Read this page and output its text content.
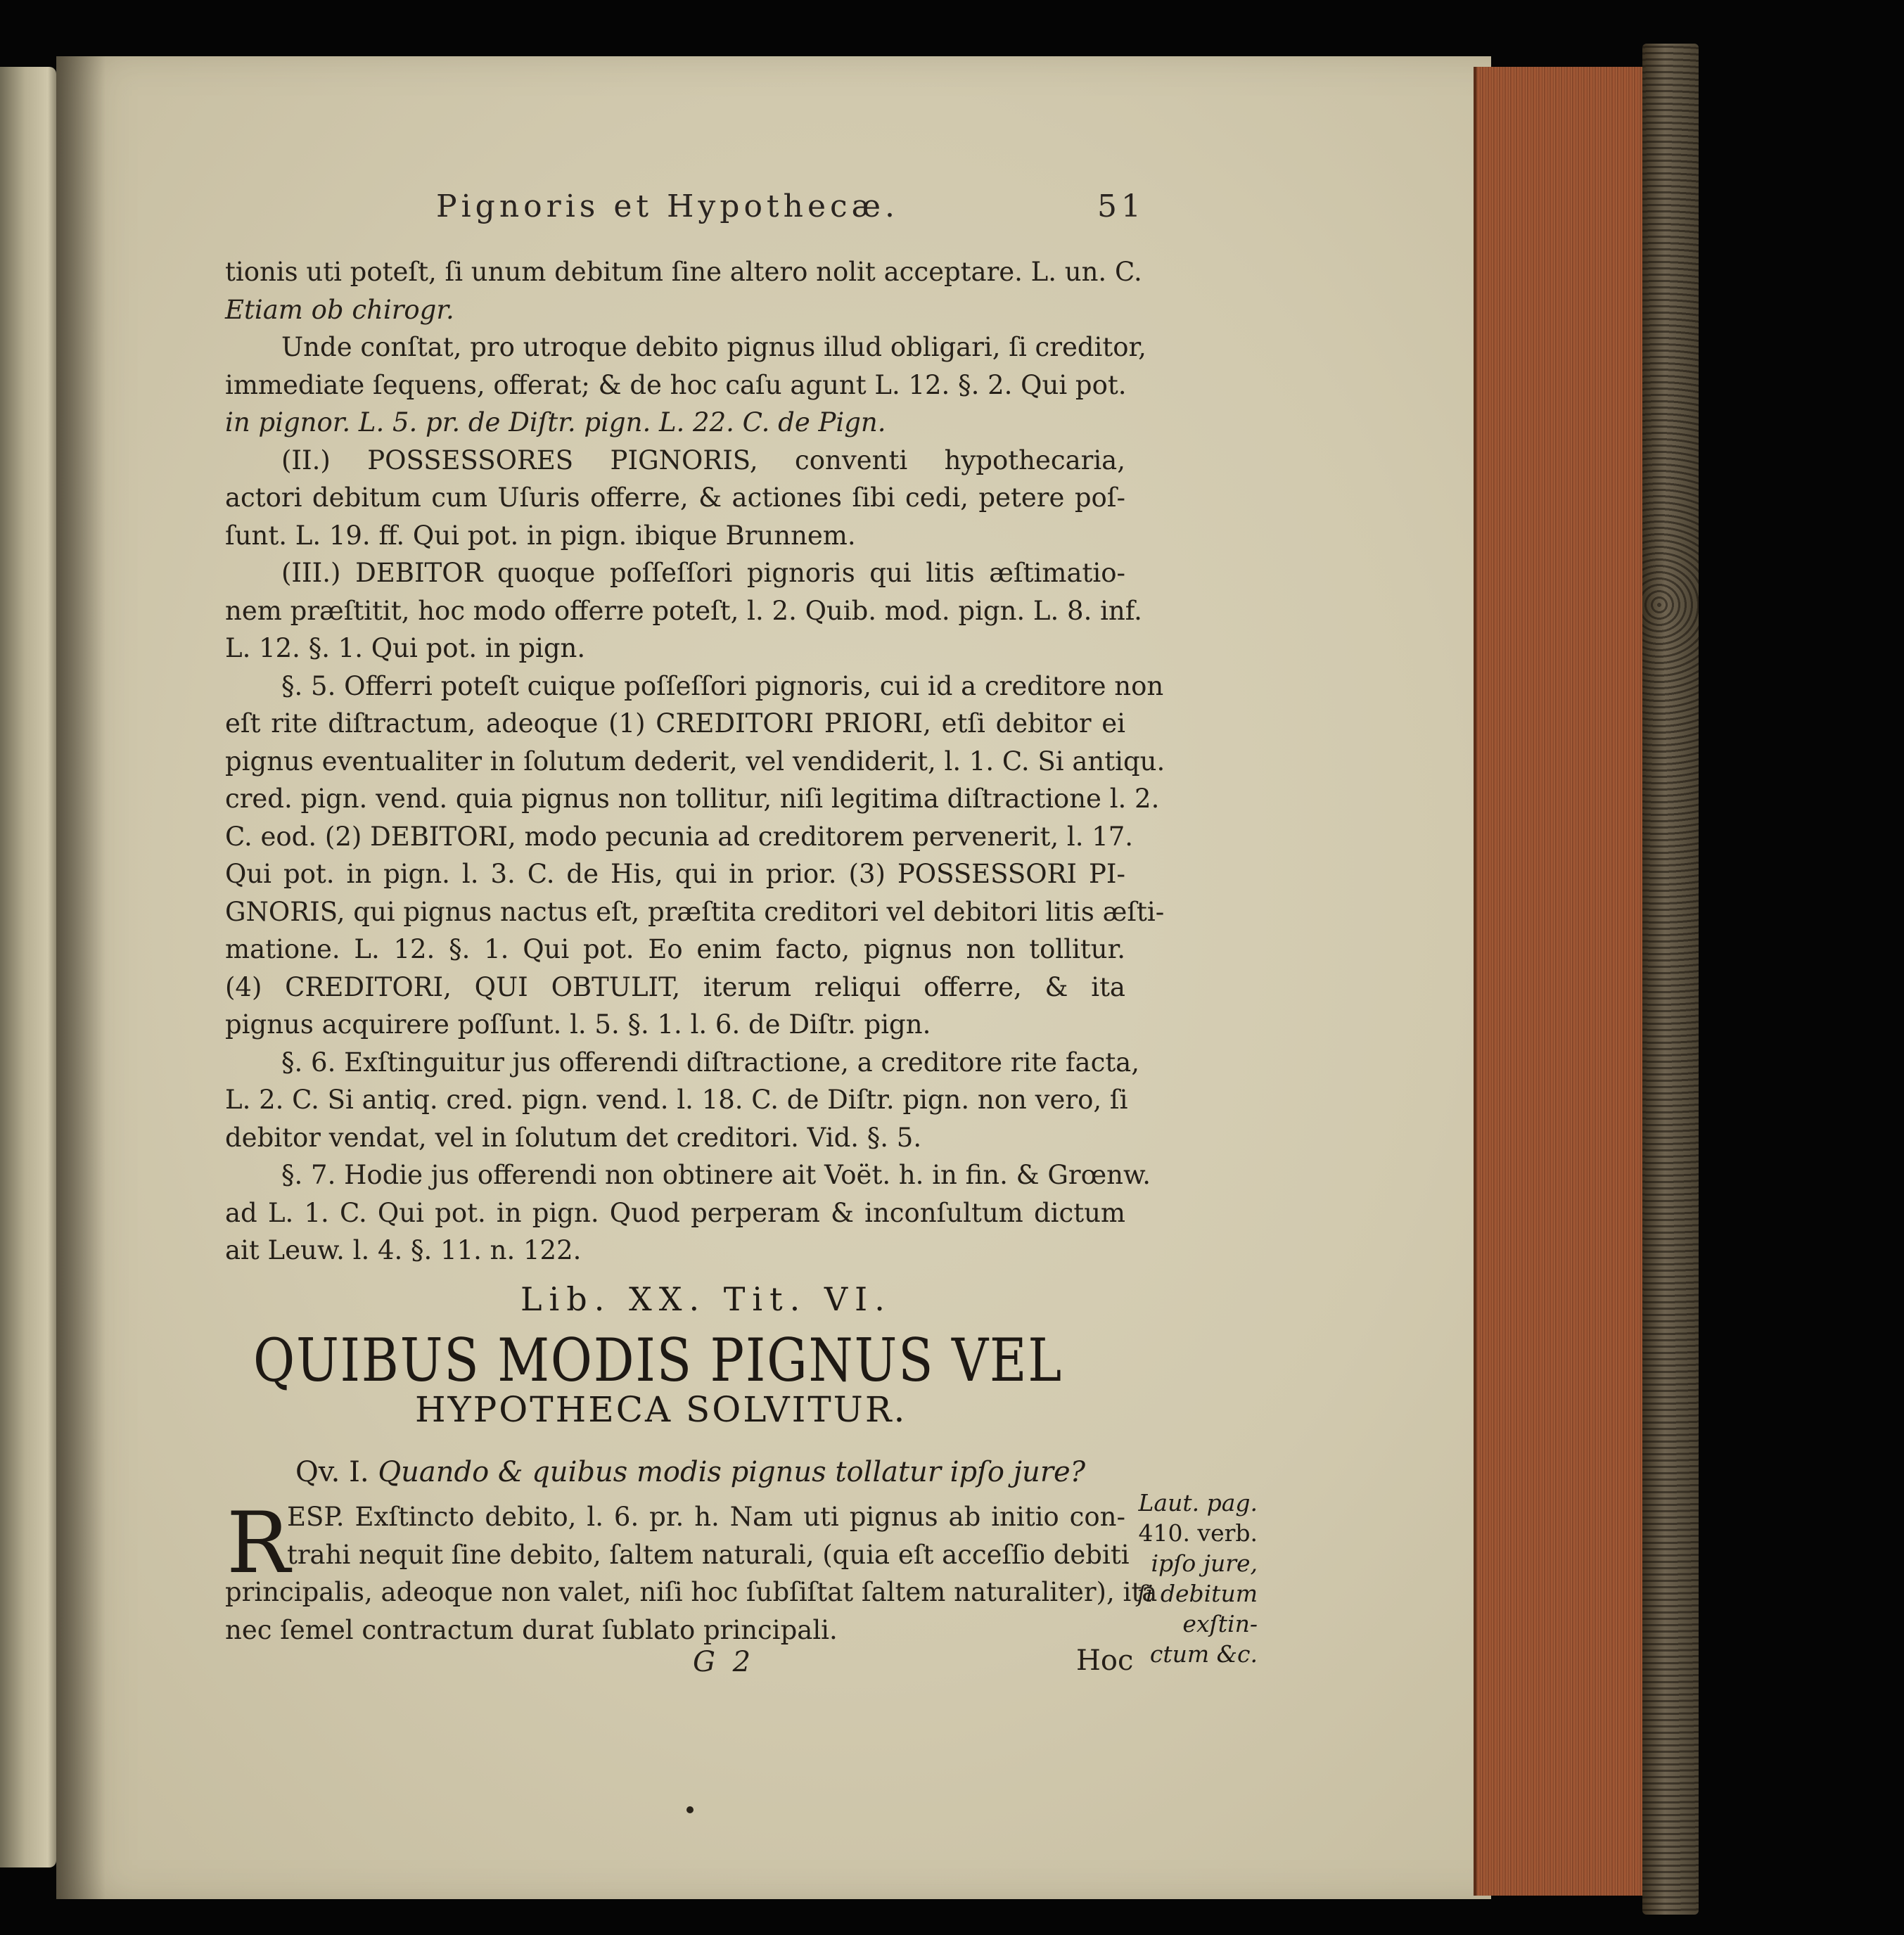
Pignoris et Hypothecæ.	51
tionis uti poteſt, ſi unum debitum ſine altero nolit acceptare. L. un. C.
Etiam ob chirogr.
Unde conſtat, pro utroque debito pignus illud obligari, ſi creditor,
immediate ſequens, offerat; & de hoc caſu agunt L. 12. §. 2. Qui pot.
in pignor. L. 5. pr. de Diſtr. pign. L. 22. C. de Pign.
(II.) POSSESSORES PIGNORIS, conventi hypothecaria,
actori debitum cum Uſuris offerre, & actiones ſibi cedi, petere poſ-
ſunt. L. 19. ff. Qui pot. in pign. ibique Brunnem.
(III.) DEBITOR quoque poſſeſſori pignoris qui litis æſtimatio-
nem præſtitit, hoc modo offerre poteſt, l. 2. Quib. mod. pign. L. 8. inf.
L. 12. §. 1. Qui pot. in pign.
§. 5. Offerri poteſt cuique poſſeſſori pignoris, cui id a creditore non
eſt rite diſtractum, adeoque (1) CREDITORI PRIORI, etſi debitor ei
pignus eventualiter in ſolutum dederit, vel vendiderit, l. 1. C. Si antiqu.
cred. pign. vend. quia pignus non tollitur, niſi legitima diſtractione l. 2.
C. eod. (2) DEBITORI, modo pecunia ad creditorem pervenerit, l. 17.
Qui pot. in pign. l. 3. C. de His, qui in prior. (3) POSSESSORI PI-
GNORIS, qui pignus nactus eſt, præſtita creditori vel debitori litis æſti-
matione. L. 12. §. 1. Qui pot. Eo enim facto, pignus non tollitur.
(4) CREDITORI, QUI OBTULIT, iterum reliqui offerre, & ita
pignus acquirere poſſunt. l. 5. §. 1. l. 6. de Diſtr. pign.
§. 6. Exſtinguitur jus offerendi diſtractione, a creditore rite facta,
L. 2. C. Si antiq. cred. pign. vend. l. 18. C. de Diſtr. pign. non vero, ſi
debitor vendat, vel in ſolutum det creditori. Vid. §. 5.
§. 7. Hodie jus offerendi non obtinere ait Voët. h. in fin. & Grœnw.
ad L. 1. C. Qui pot. in pign. Quod perperam & inconſultum dictum
ait Leuw. l. 4. §. 11. n. 122.
Lib. XX. Tit. VI.
QUIBUS MODIS PIGNUS VEL
HYPOTHECA SOLVITUR.
Qv. I. Quando & quibus modis pignus tollatur ipſo jure?
R
ESP. Exſtincto debito, l. 6. pr. h. Nam uti pignus ab initio con-
trahi nequit ſine debito, ſaltem naturali, (quia eſt acceſſio debiti
principalis, adeoque non valet, niſi hoc ſubſiſtat ſaltem naturaliter), ita
nec ſemel contractum durat ſublato principali.
Laut. pag.
410. verb.
ipſo jure,
ſi debitum
exſtin-
ctum &c.
G 2	Hoc
